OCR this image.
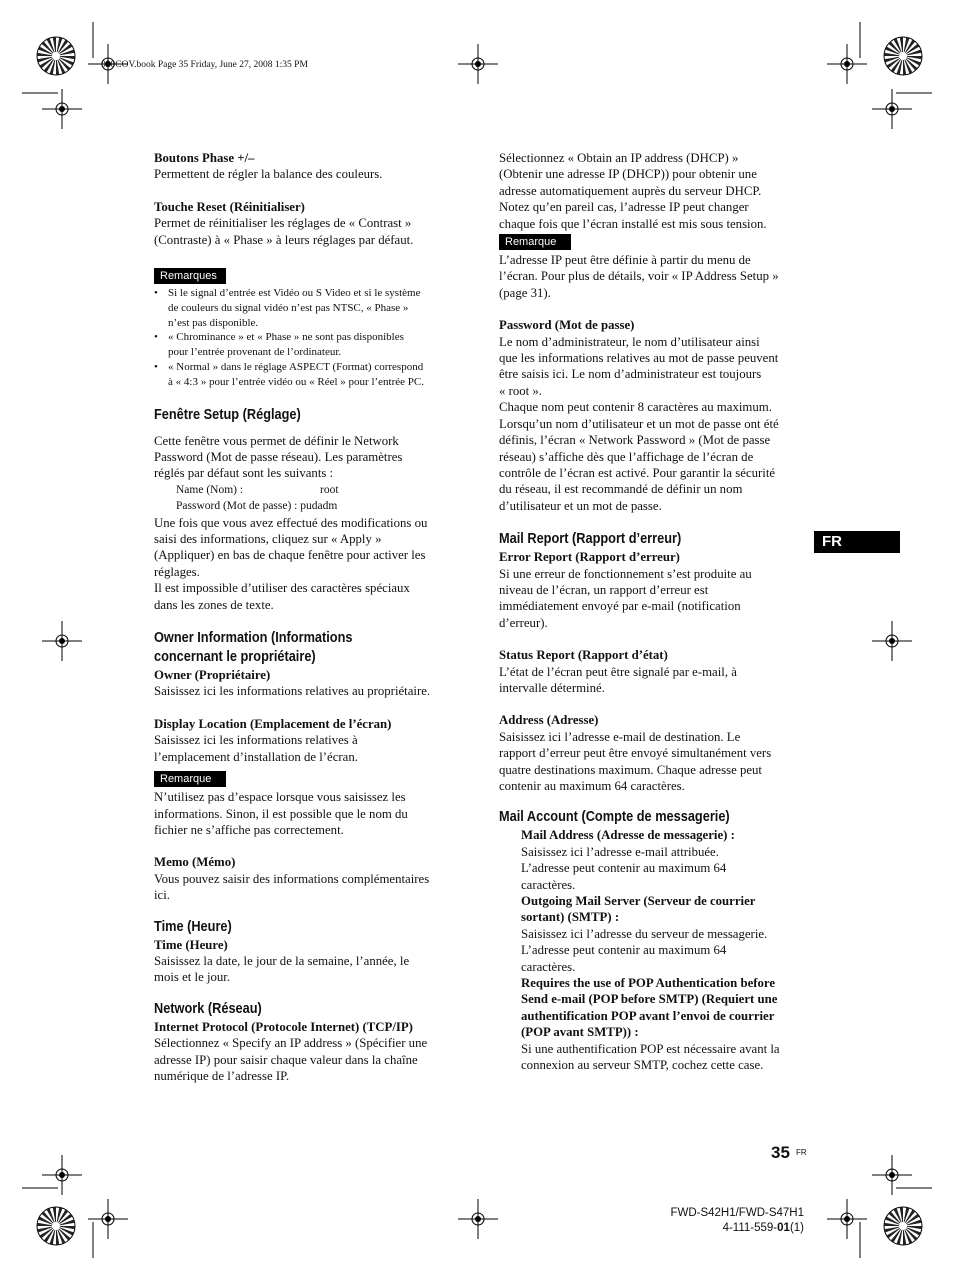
030COV.book Page 35 Friday, June 27, 2008 1:35 PM

Boutons Phase +/–

Permettent de régler la balance des couleurs.

Touche Reset (Réinitialiser)

Permet de réinitialiser les réglages de « Contrast »

(Contraste) à « Phase » à leurs réglages par défaut.

Remarques
• Si le signal d’entrée est Vidéo ou S Video et si le système
de couleurs du signal vidéo n’est pas NTSC, « Phase »
n’est pas disponible.
• « Chrominance » et « Phase » ne sont pas disponibles
pour l’entrée provenant de l’ordinateur.
• « Normal » dans le réglage ASPECT (Format) correspond
à « 4:3 » pour l’entrée vidéo ou « Réel » pour l’entrée PC.

Fenêtre Setup (Réglage)

Cette fenêtre vous permet de définir le Network

Password (Mot de passe réseau). Les paramètres

réglés par défaut sont les suivants :

Name (Nom) :	root
Password (Mot de passe) : pudadm

Une fois que vous avez effectué des modifications ou

saisi des informations, cliquez sur « Apply »

(Appliquer) en bas de chaque fenêtre pour activer les

réglages.

Il est impossible d’utiliser des caractères spéciaux

dans les zones de texte.

Owner Information (Informations

concernant le propriétaire)

Owner (Propriétaire)

Saisissez ici les informations relatives au propriétaire.

Display Location (Emplacement de l’écran)

Saisissez ici les informations relatives à

l’emplacement d’installation de l’écran.

Remarque

N’utilisez pas d’espace lorsque vous saisissez les

informations. Sinon, il est possible que le nom du

fichier ne s’affiche pas correctement.

Memo (Mémo)

Vous pouvez saisir des informations complémentaires

ici.

Time (Heure)

Time (Heure)

Saisissez la date, le jour de la semaine, l’année, le

mois et le jour.

Network (Réseau)

Internet Protocol (Protocole Internet) (TCP/IP)

Sélectionnez « Specify an IP address » (Spécifier une

adresse IP) pour saisir chaque valeur dans la chaîne

numérique de l’adresse IP.

Sélectionnez « Obtain an IP address (DHCP) »

(Obtenir une adresse IP (DHCP)) pour obtenir une

adresse automatiquement auprès du serveur DHCP.

Notez qu’en pareil cas, l’adresse IP peut changer

chaque fois que l’écran installé est mis sous tension.

Remarque

L’adresse IP peut être définie à partir du menu de

l’écran. Pour plus de détails, voir « IP Address Setup »

(page 31).

Password (Mot de passe)

Le nom d’administrateur, le nom d’utilisateur ainsi

que les informations relatives au mot de passe peuvent

être saisis ici. Le nom d’administrateur est toujours

« root ».

Chaque nom peut contenir 8 caractères au maximum.

Lorsqu’un nom d’utilisateur et un mot de passe ont été

définis, l’écran « Network Password » (Mot de passe

réseau) s’affiche dès que l’affichage de l’écran de

contrôle de l’écran est activé. Pour garantir la sécurité

du réseau, il est recommandé de définir un nom

d’utilisateur et un mot de passe.

Mail Report (Rapport d’erreur)

Error Report (Rapport d’erreur)

Si une erreur de fonctionnement s’est produite au

niveau de l’écran, un rapport d’erreur est

immédiatement envoyé par e-mail (notification

d’erreur).

Status Report (Rapport d’état)

L’état de l’écran peut être signalé par e-mail, à

intervalle déterminé.

Address (Adresse)

Saisissez ici l’adresse e-mail de destination. Le

rapport d’erreur peut être envoyé simultanément vers

quatre destinations maximum. Chaque adresse peut

contenir au maximum 64 caractères.

Mail Account (Compte de messagerie)

Mail Address (Adresse de messagerie) :

Saisissez ici l’adresse e-mail attribuée.

L’adresse peut contenir au maximum 64

caractères.

Outgoing Mail Server (Serveur de courrier

sortant) (SMTP) :

Saisissez ici l’adresse du serveur de messagerie.

L’adresse peut contenir au maximum 64

caractères.

Requires the use of POP Authentication before

Send e-mail (POP before SMTP) (Requiert une

authentification POP avant l’envoi de courrier

(POP avant SMTP)) :

Si une authentification POP est nécessaire avant la

connexion au serveur SMTP, cochez cette case.

FR
35 FR
FWD-S42H1/FWD-S47H1
4-111-559-01(1)
